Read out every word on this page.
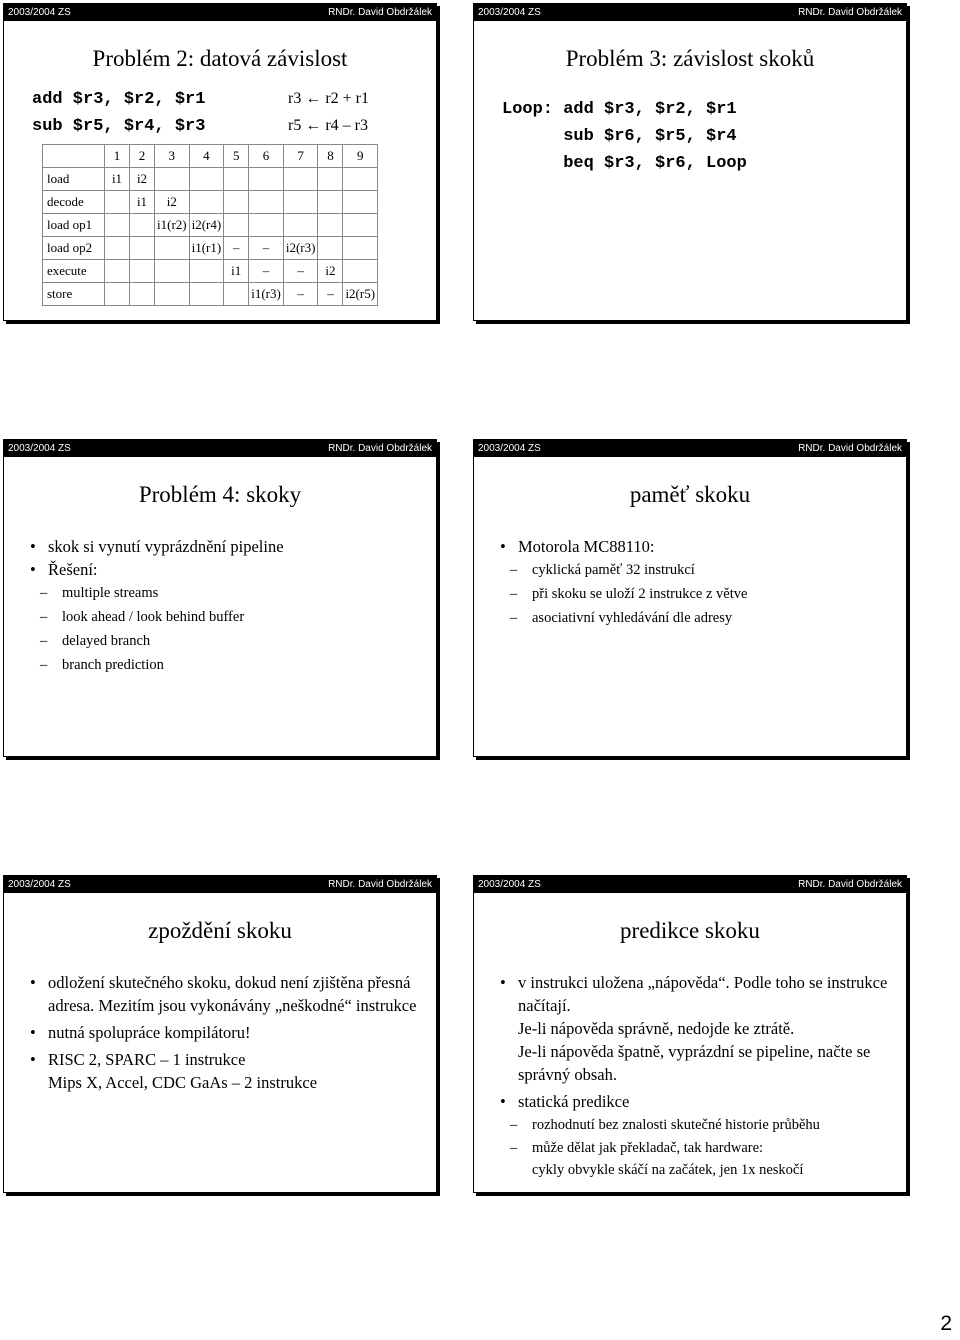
2003/2004 ZS	RNDr. David Obdržálek
Problém 2: datová závislost
add $r3, $r2, $r1
sub $r5, $r4, $r3
r3 ← r2 + r1
r5 ← r4 – r3
	1	2	3	4	5	6	7	8	9
load	i1	i2							
decode		i1	i2						
load op1			i1(r2)	i2(r4)					
load op2				i1(r1)	–	–	i2(r3)		
execute					i1	–	–	i2	
store						i1(r3)	–	–	i2(r5)
2003/2004 ZS	RNDr. David Obdržálek
Problém 3: závislost skoků
Loop: add $r3, $r2, $r1
sub $r6, $r5, $r4
beq $r3, $r6, Loop
2003/2004 ZS	RNDr. David Obdržálek
Problém 4: skoky
• skok si vynutí vyprázdnění pipeline
• Řešení:
– multiple streams
– look ahead / look behind buffer
– delayed branch
– branch prediction
2003/2004 ZS	RNDr. David Obdržálek
paměť skoku
• Motorola MC88110:
– cyklická paměť 32 instrukcí
– při skoku se uloží 2 instrukce z větve
– asociativní vyhledávání dle adresy
2003/2004 ZS	RNDr. David Obdržálek
zpoždění skoku
• odložení skutečného skoku, dokud není zjištěna přesná adresa. Mezitím jsou vykonávány „neškodné“ instrukce
• nutná spolupráce kompilátoru!
• RISC 2, SPARC – 1 instrukce
Mips X, Accel, CDC GaAs – 2 instrukce
2003/2004 ZS	RNDr. David Obdržálek
predikce skoku
• v instrukci uložena „nápověda“. Podle toho se instrukce načítají.
Je-li nápověda správně, nedojde ke ztrátě.
Je-li nápověda špatně, vyprázdní se pipeline, načte se správný obsah.
• statická predikce
– rozhodnutí bez znalosti skutečné historie průběhu
– může dělat jak překladač, tak hardware:
cykly obvykle skáčí na začátek, jen 1x neskočí
2
